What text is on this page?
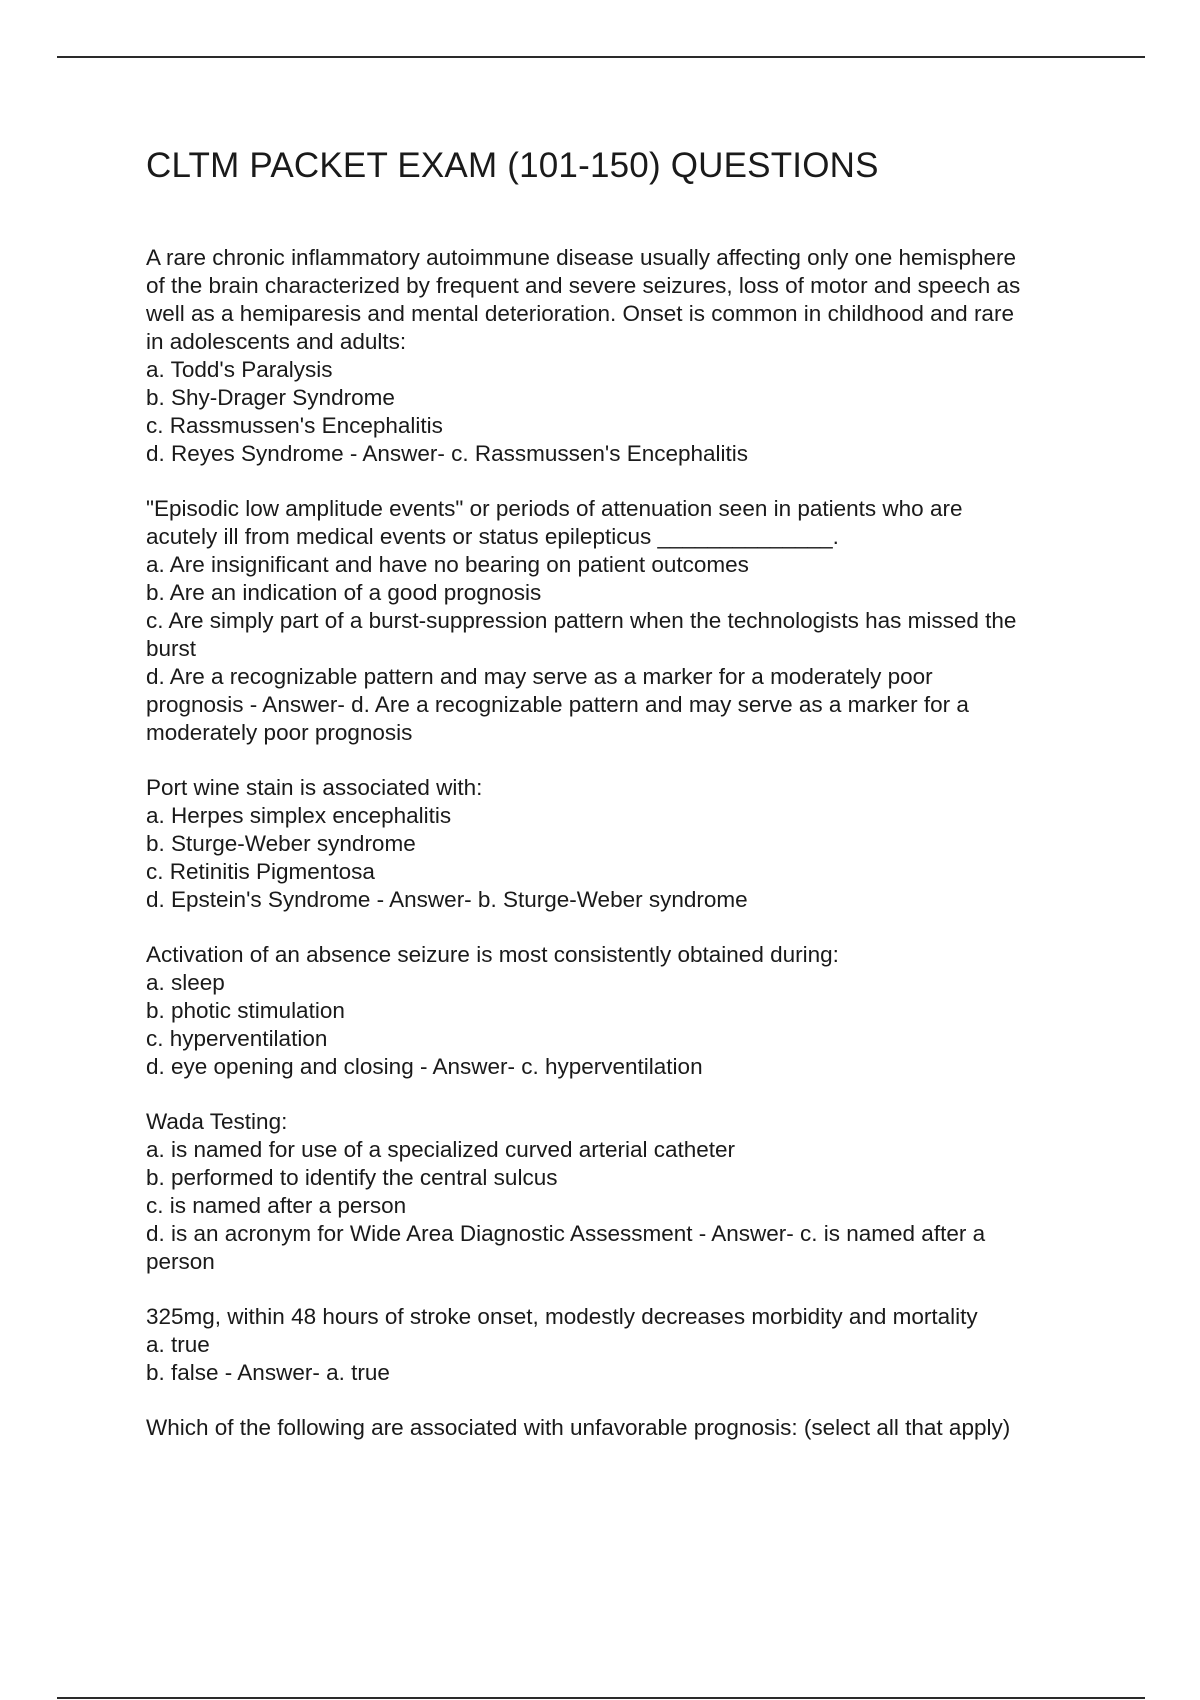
CLTM PACKET EXAM (101-150) QUESTIONS

A rare chronic inflammatory autoimmune disease usually affecting only one hemisphere

of the brain characterized by frequent and severe seizures, loss of motor and speech as

well as a hemiparesis and mental deterioration. Onset is common in childhood and rare

in adolescents and adults:

a. Todd's Paralysis

b. Shy-Drager Syndrome

c. Rassmussen's Encephalitis

d. Reyes Syndrome - Answer- c. Rassmussen's Encephalitis

"Episodic low amplitude events" or periods of attenuation seen in patients who are

acutely ill from medical events or status epilepticus ______________.

a. Are insignificant and have no bearing on patient outcomes

b. Are an indication of a good prognosis

c. Are simply part of a burst-suppression pattern when the technologists has missed the

burst

d. Are a recognizable pattern and may serve as a marker for a moderately poor

prognosis - Answer- d. Are a recognizable pattern and may serve as a marker for a

moderately poor prognosis

Port wine stain is associated with:

a. Herpes simplex encephalitis

b. Sturge-Weber syndrome

c. Retinitis Pigmentosa

d. Epstein's Syndrome - Answer- b. Sturge-Weber syndrome

Activation of an absence seizure is most consistently obtained during:

a. sleep

b. photic stimulation

c. hyperventilation

d. eye opening and closing - Answer- c. hyperventilation

Wada Testing:

a. is named for use of a specialized curved arterial catheter

b. performed to identify the central sulcus

c. is named after a person

d. is an acronym for Wide Area Diagnostic Assessment - Answer- c. is named after a

person

325mg, within 48 hours of stroke onset, modestly decreases morbidity and mortality

a. true

b. false - Answer- a. true

Which of the following are associated with unfavorable prognosis: (select all that apply)
